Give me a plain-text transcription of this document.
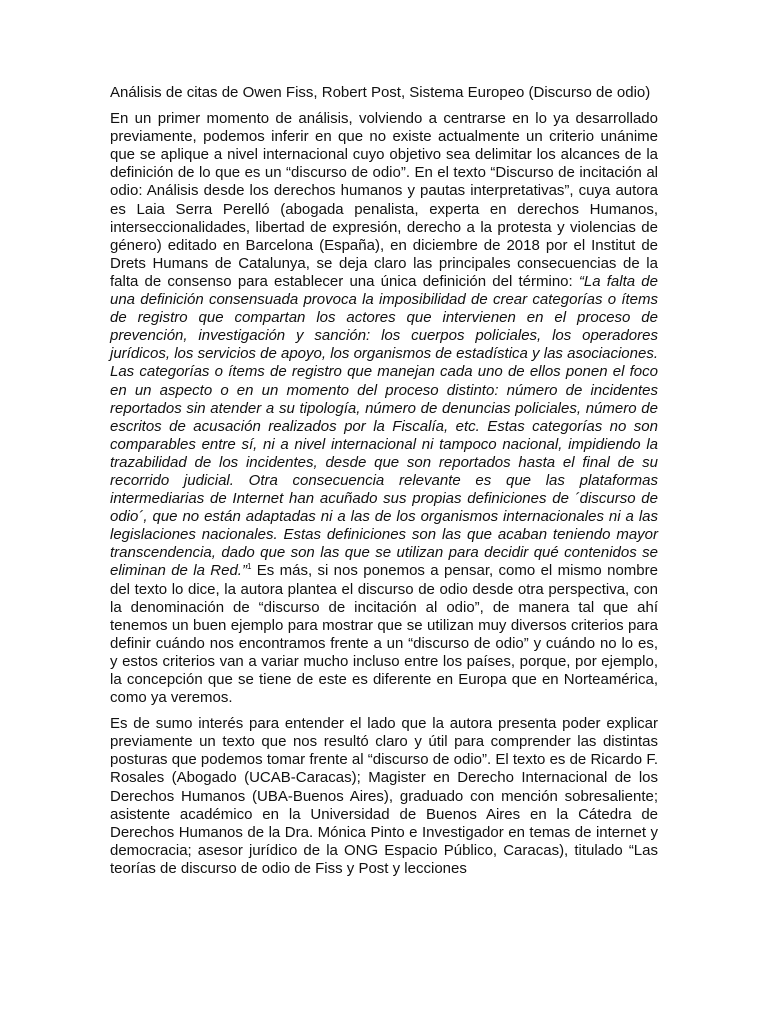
Análisis de citas de Owen Fiss, Robert Post, Sistema Europeo (Discurso de odio)

En un primer momento de análisis, volviendo a centrarse en lo ya desarrollado previamente, podemos inferir en que no existe actualmente un criterio unánime que se aplique a nivel internacional cuyo objetivo sea delimitar los alcances de la definición de lo que es un “discurso de odio”. En el texto “Discurso de incitación al odio: Análisis desde los derechos humanos y pautas interpretativas”, cuya autora es Laia Serra Perelló (abogada penalista, experta en derechos Humanos, interseccionalidades, libertad de expresión, derecho a la protesta y violencias de género) editado en Barcelona (España), en diciembre de 2018 por el Institut de Drets Humans de Catalunya, se deja claro las principales consecuencias de la falta de consenso para establecer una única definición del término: “La falta de una definición consensuada provoca la imposibilidad de crear categorías o ítems de registro que compartan los actores que intervienen en el proceso de prevención, investigación y sanción: los cuerpos policiales, los operadores jurídicos, los servicios de apoyo, los organismos de estadística y las asociaciones. Las categorías o ítems de registro que manejan cada uno de ellos ponen el foco en un aspecto o en un momento del proceso distinto: número de incidentes reportados sin atender a su tipología, número de denuncias policiales, número de escritos de acusación realizados por la Fiscalía, etc. Estas categorías no son comparables entre sí, ni a nivel internacional ni tampoco nacional, impidiendo la trazabilidad de los incidentes, desde que son reportados hasta el final de su recorrido judicial. Otra consecuencia relevante es que las plataformas intermediarias de Internet han acuñado sus propias definiciones de ´discurso de odio´, que no están adaptadas ni a las de los organismos internacionales ni a las legislaciones nacionales. Estas definiciones son las que acaban teniendo mayor transcendencia, dado que son las que se utilizan para decidir qué contenidos se eliminan de la Red.”$^1$ Es más, si nos ponemos a pensar, como el mismo nombre del texto lo dice, la autora plantea el discurso de odio desde otra perspectiva, con la denominación de “discurso de incitación al odio”, de manera tal que ahí tenemos un buen ejemplo para mostrar que se utilizan muy diversos criterios para definir cuándo nos encontramos frente a un “discurso de odio” y cuándo no lo es, y estos criterios van a variar mucho incluso entre los países, porque, por ejemplo, la concepción que se tiene de este es diferente en Europa que en Norteamérica, como ya veremos.

Es de sumo interés para entender el lado que la autora presenta poder explicar previamente un texto que nos resultó claro y útil para comprender las distintas posturas que podemos tomar frente al “discurso de odio”. El texto es de Ricardo F. Rosales (Abogado (UCAB-Caracas); Magister en Derecho Internacional de los Derechos Humanos (UBA-Buenos Aires), graduado con mención sobresaliente; asistente académico en la Universidad de Buenos Aires en la Cátedra de Derechos Humanos de la Dra. Mónica Pinto e Investigador en temas de internet y democracia; asesor jurídico de la ONG Espacio Público, Caracas), titulado “Las teorías de discurso de odio de Fiss y Post y lecciones
